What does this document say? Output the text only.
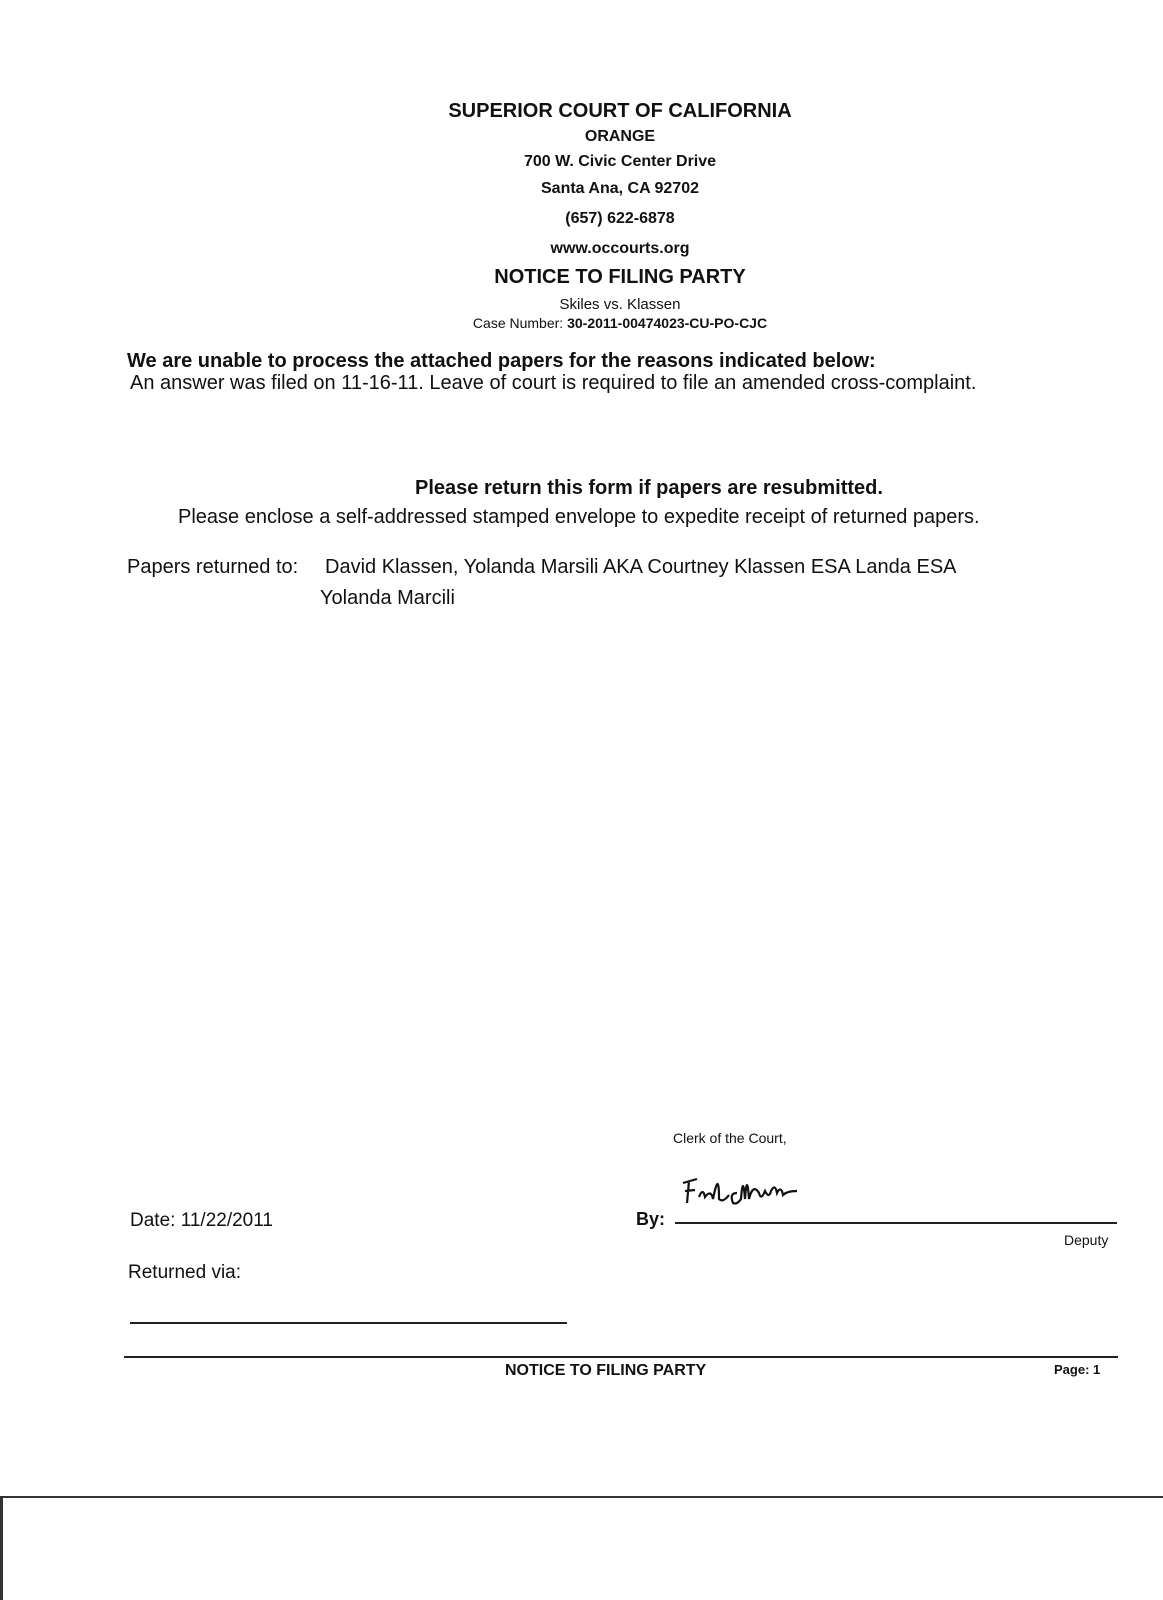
SUPERIOR COURT OF CALIFORNIA
ORANGE
700 W. Civic Center Drive
Santa Ana, CA 92702
(657) 622-6878
www.occourts.org
NOTICE TO FILING PARTY
Skiles vs. Klassen
Case Number: 30-2011-00474023-CU-PO-CJC
We are unable to process the attached papers for the reasons indicated below:
An answer was filed on 11-16-11. Leave of court is required to file an amended cross-complaint.
Please return this form if papers are resubmitted.
Please enclose a self-addressed stamped envelope to expedite receipt of returned papers.
Papers returned to: David Klassen, Yolanda Marsili AKA Courtney Klassen ESA Landa ESA
Yolanda Marcili
Clerk of the Court,
By:
Deputy
Date: 11/22/2011
Returned via:
NOTICE TO FILING PARTY	Page: 1
